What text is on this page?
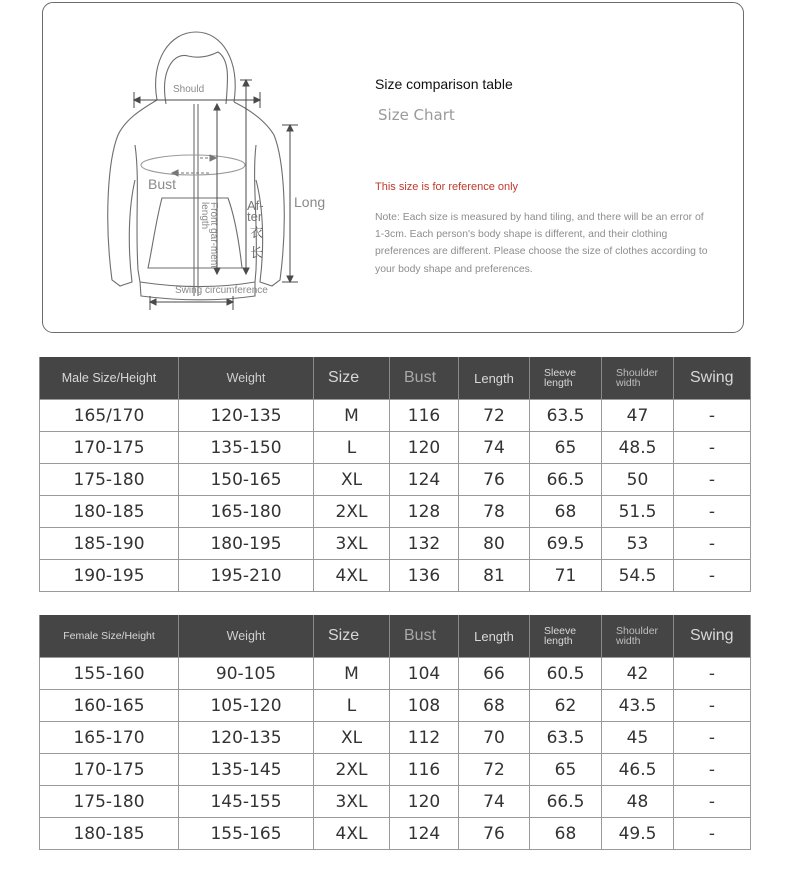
Should
Bust
Front gar-ment length	Af-ter
衣
长
Long
Swing circumference
Size comparison table
Size Chart
This size is for reference only
Note: Each size is measured by hand tiling, and there will be an error of 1-3cm. Each person's body shape is different, and their clothing preferences are different. Please choose the size of clothes according to your body shape and preferences.
Male Size/Height	Weight	Size	Bust	Length	Sleeve length	Shoulder width	Swing
165/170	120-135	M	116	72	63.5	47	-
170-175	135-150	L	120	74	65	48.5	-
175-180	150-165	XL	124	76	66.5	50	-
180-185	165-180	2XL	128	78	68	51.5	-
185-190	180-195	3XL	132	80	69.5	53	-
190-195	195-210	4XL	136	81	71	54.5	-
Female Size/Height	Weight	Size	Bust	Length	Sleeve length	Shoulder width	Swing
155-160	90-105	M	104	66	60.5	42	-
160-165	105-120	L	108	68	62	43.5	-
165-170	120-135	XL	112	70	63.5	45	-
170-175	135-145	2XL	116	72	65	46.5	-
175-180	145-155	3XL	120	74	66.5	48	-
180-185	155-165	4XL	124	76	68	49.5	-
